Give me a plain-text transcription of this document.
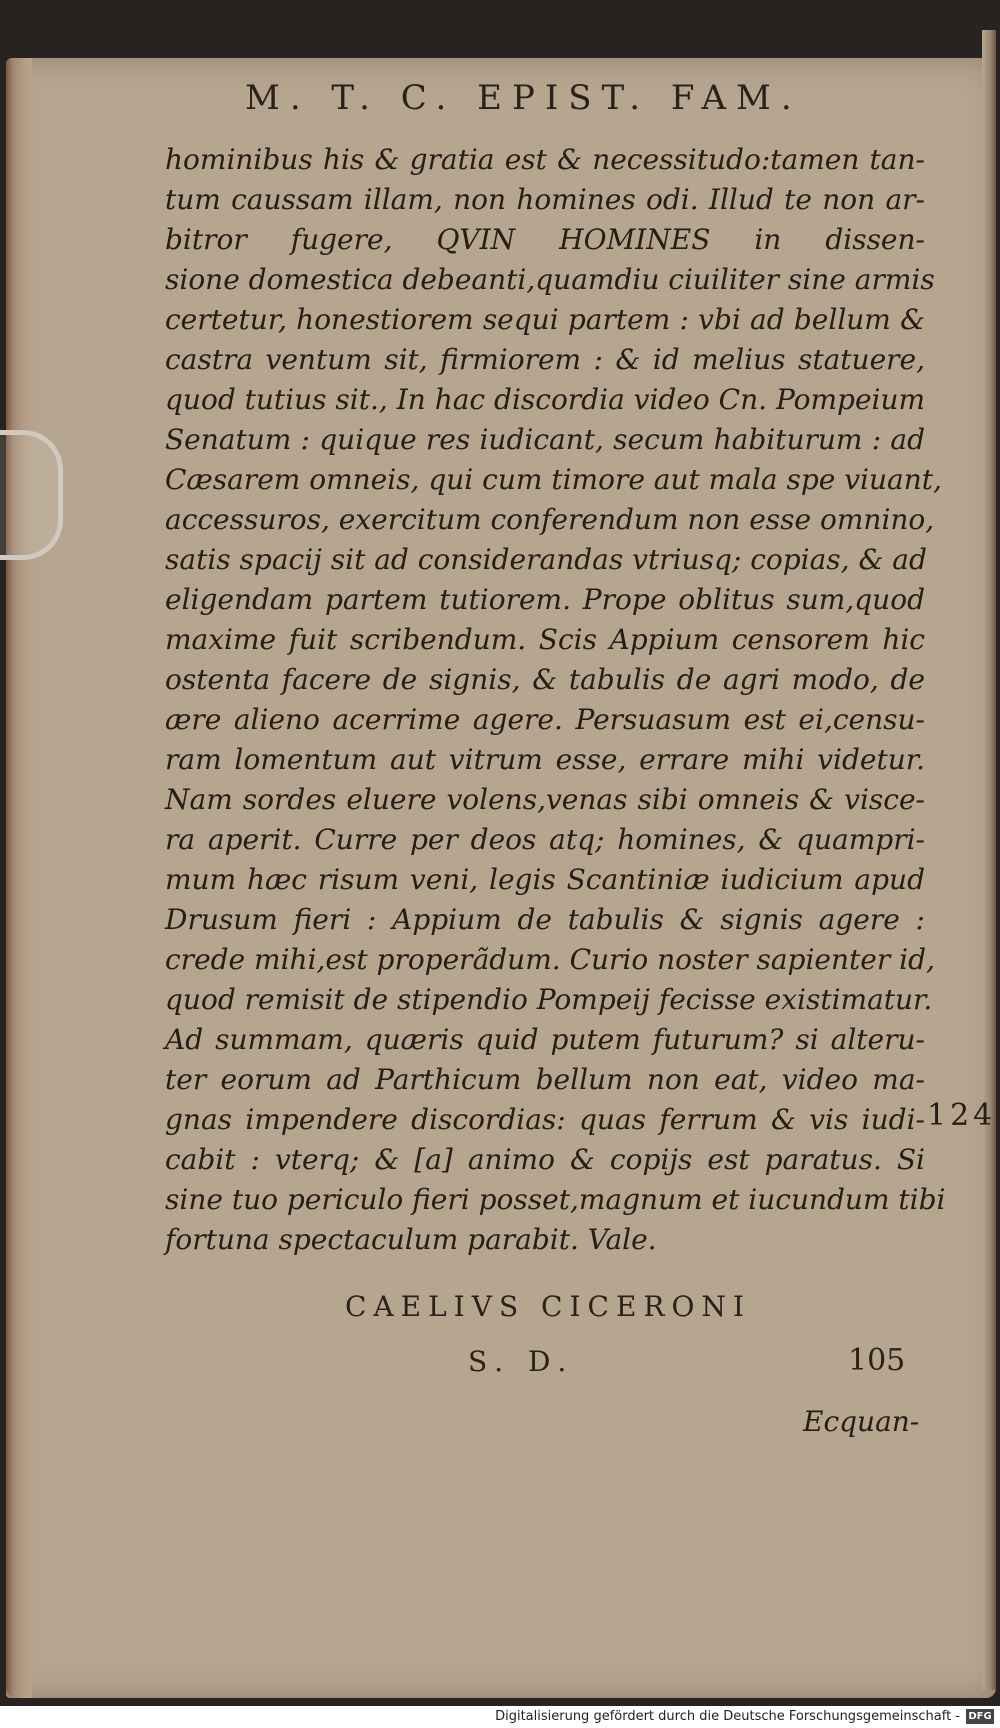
M. T. C. EPIST. FAM.
hominibus his & gratia est & necessitudo:tamen tan-
tum caussam illam, non homines odi. Illud te non ar-
bitror fugere, QVIN HOMINES in dissen-
sione domestica debeanti,quamdiu ciuiliter sine armis
certetur, honestiorem sequi partem : vbi ad bellum &
castra ventum sit, firmiorem : & id melius statuere,
quod tutius sit., In hac discordia video Cn. Pompeium
Senatum : quique res iudicant, secum habiturum : ad
Cæsarem omneis, qui cum timore aut mala spe viuant,
accessuros, exercitum conferendum non esse omnino,
satis spacij sit ad considerandas vtriusq; copias, & ad
eligendam partem tutiorem. Prope oblitus sum,quod
maxime fuit scribendum. Scis Appium censorem hic
ostenta facere de signis, & tabulis de agri modo, de
ære alieno acerrime agere. Persuasum est ei,censu-
ram lomentum aut vitrum esse, errare mihi videtur.
Nam sordes eluere volens,venas sibi omneis & visce-
ra aperit. Curre per deos atq; homines, & quampri-
mum hæc risum veni, legis Scantiniæ iudicium apud
Drusum fieri : Appium de tabulis & signis agere :
crede mihi,est properãdum. Curio noster sapienter id,
quod remisit de stipendio Pompeij fecisse existimatur.
Ad summam, quæris quid putem futurum? si alteru-
ter eorum ad Parthicum bellum non eat, video ma-
gnas impendere discordias: quas ferrum & vis iudi-
cabit : vterq; & [a] animo & copijs est paratus. Si
sine tuo periculo fieri posset,magnum et iucundum tibi
fortuna spectaculum parabit. Vale.
124
CAELIVS CICERONI
S. D.	105
Ecquan-
Digitalisierung gefördert durch die Deutsche Forschungsgemeinschaft - DFG
